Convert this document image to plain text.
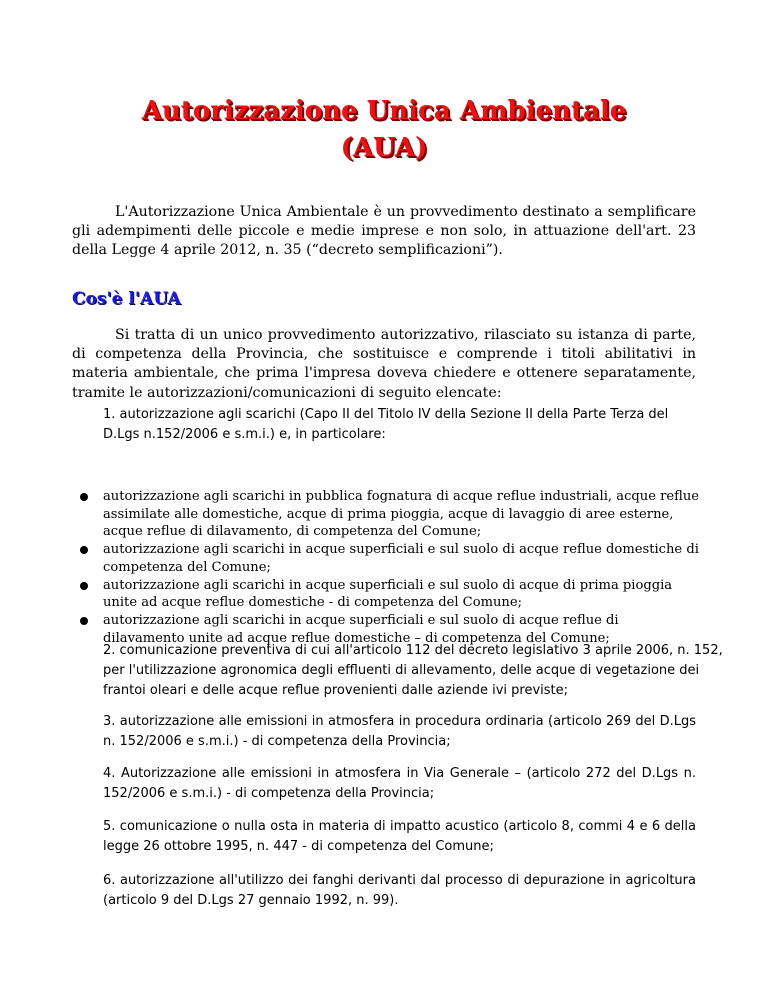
Autorizzazione Unica Ambientale
(AUA)

L'Autorizzazione Unica Ambientale è un provvedimento destinato a semplificare gli adempimenti delle piccole e medie imprese e non solo, in attuazione dell'art. 23 della Legge 4 aprile 2012, n. 35 (“decreto semplificazioni”).

Cos'è l'AUA

Si tratta di un unico provvedimento autorizzativo, rilasciato su istanza di parte, di competenza della Provincia, che sostituisce e comprende i titoli abilitativi in materia ambientale, che prima l'impresa doveva chiedere e ottenere separatamente, tramite le autorizzazioni/comunicazioni di seguito elencate:

1. autorizzazione agli scarichi (Capo II del Titolo IV della Sezione II della Parte Terza del D.Lgs n.152/2006 e s.m.i.) e, in particolare:
autorizzazione agli scarichi in pubblica fognatura di acque reflue industriali, acque reflue assimilate alle domestiche, acque di prima pioggia, acque di lavaggio di aree esterne, acque reflue di dilavamento, di competenza del Comune;
autorizzazione agli scarichi in acque superficiali e sul suolo di acque reflue domestiche di competenza del Comune;
autorizzazione agli scarichi in acque superficiali e sul suolo di acque di prima pioggia unite ad acque reflue domestiche - di competenza del Comune;
autorizzazione agli scarichi in acque superficiali e sul suolo di acque reflue di dilavamento unite ad acque reflue domestiche – di competenza del Comune;
2. comunicazione preventiva di cui all'articolo 112 del decreto legislativo 3 aprile 2006, n. 152, per l'utilizzazione agronomica degli effluenti di allevamento, delle acque di vegetazione dei frantoi oleari e delle acque reflue provenienti dalle aziende ivi previste;
3. autorizzazione alle emissioni in atmosfera in procedura ordinaria (articolo 269 del D.Lgs n. 152/2006 e s.m.i.) - di competenza della Provincia;
4. Autorizzazione alle emissioni in atmosfera in Via Generale – (articolo 272 del D.Lgs n. 152/2006 e s.m.i.) - di competenza della Provincia;
5. comunicazione o nulla osta in materia di impatto acustico (articolo 8, commi 4 e 6 della legge 26 ottobre 1995, n. 447 - di competenza del Comune;
6. autorizzazione all'utilizzo dei fanghi derivanti dal processo di depurazione in agricoltura (articolo 9 del D.Lgs 27 gennaio 1992, n. 99).
